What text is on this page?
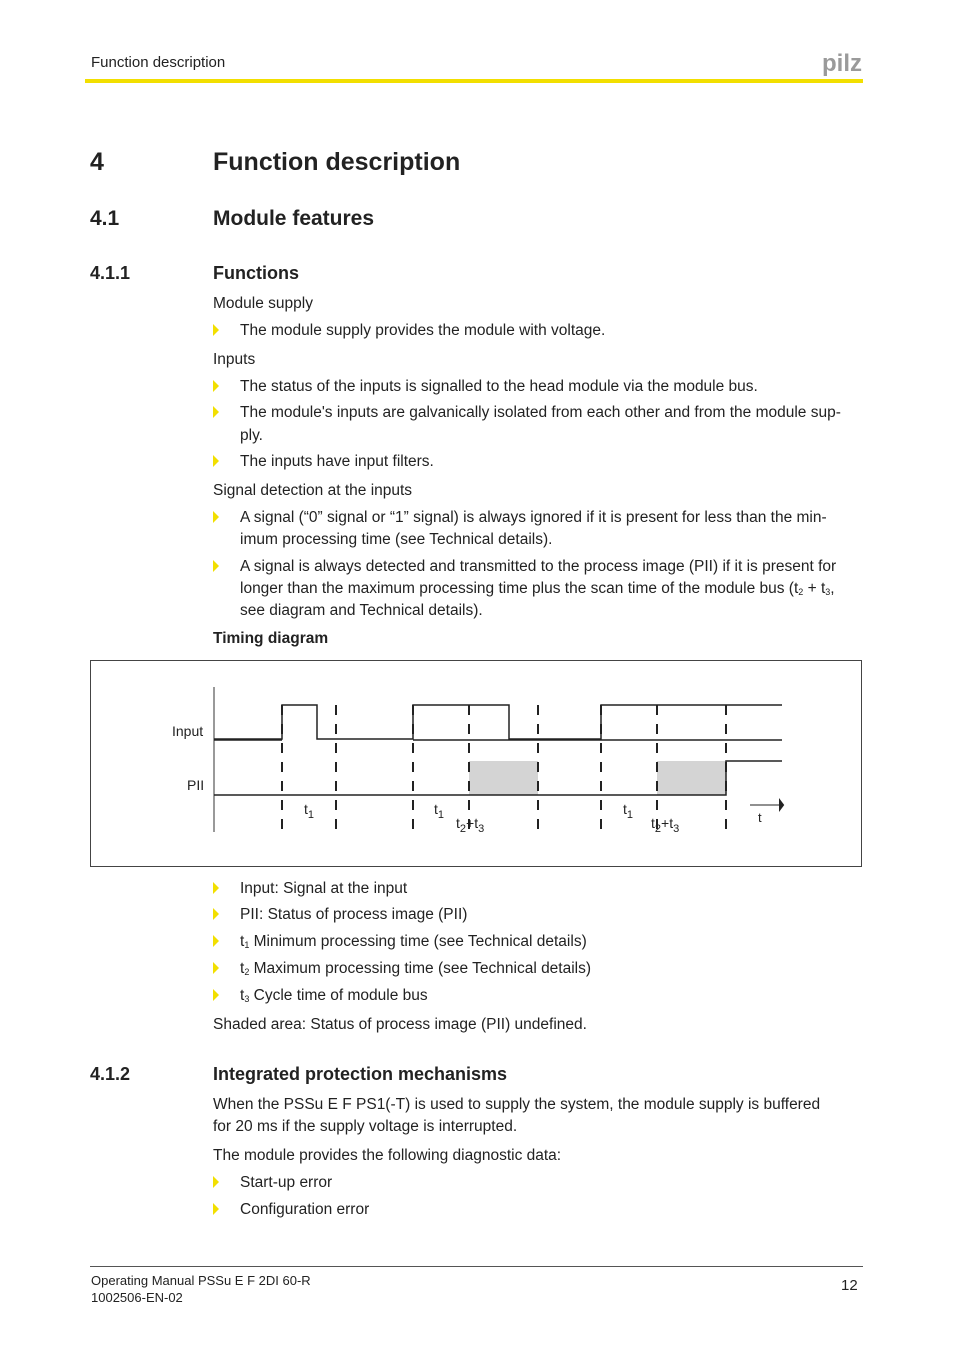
Function description	pilz
4	Function description
4.1	Module features
4.1.1	Functions
Module supply
The module supply provides the module with voltage.
Inputs
The status of the inputs is signalled to the head module via the module bus.
The module's inputs are galvanically isolated from each other and from the module sup-
ply.
The inputs have input filters.
Signal detection at the inputs
A signal (“0” signal or “1” signal) is always ignored if it is present for less than the min-
imum processing time (see Technical details).
A signal is always detected and transmitted to the process image (PII) if it is present for
longer than the maximum processing time plus the scan time of the module bus ($t_2 + t_3$,
see diagram and Technical details).
Timing diagram
Input
PII
$t_1$	$t_1$	$t_1$
$t_2+t_3$	$t_2+t_3$
t
Input: Signal at the input
PII: Status of process image (PII)
$t_1$ Minimum processing time (see Technical details)
$t_2$ Maximum processing time (see Technical details)
$t_3$ Cycle time of module bus
Shaded area: Status of process image (PII) undefined.
4.1.2	Integrated protection mechanisms
When the PSSu E F PS1(-T) is used to supply the system, the module supply is buffered
for 20 ms if the supply voltage is interrupted.
The module provides the following diagnostic data:
Start-up error
Configuration error
Operating Manual PSSu E F 2DI 60-R
1002506-EN-02
12
